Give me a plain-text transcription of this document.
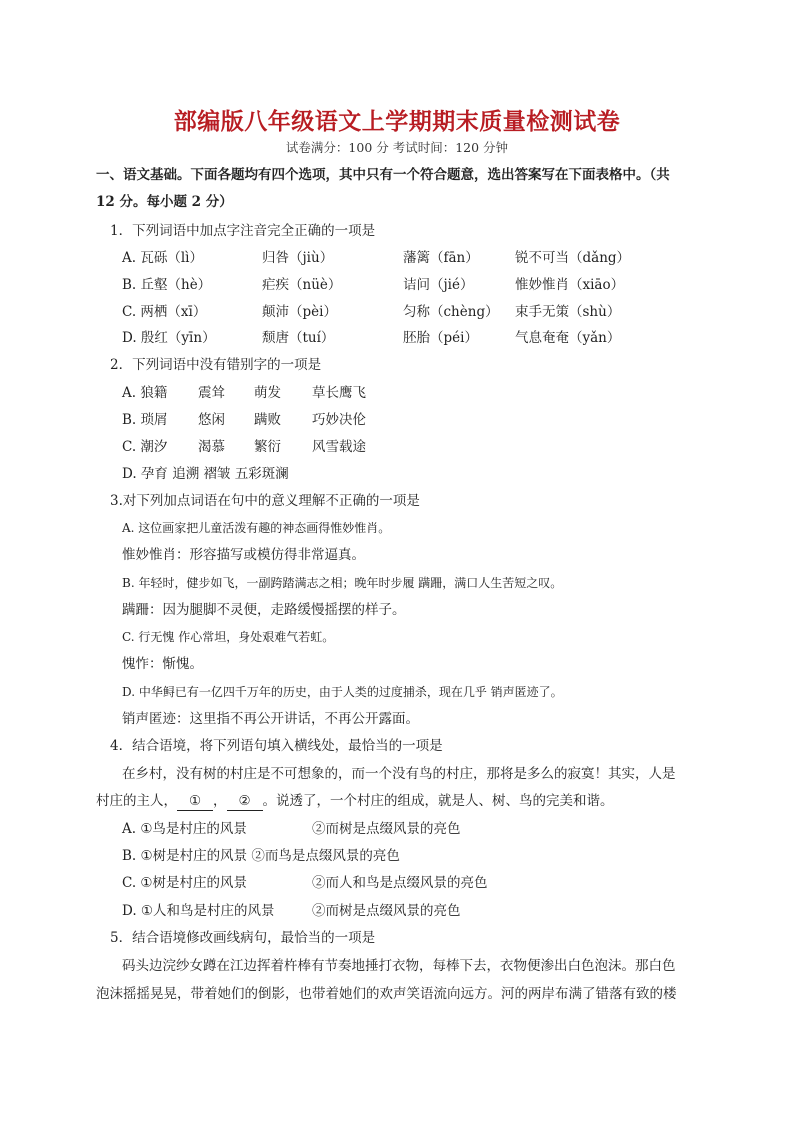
部编版八年级语文上学期期末质量检测试卷
试卷满分：100 分 考试时间：120 分钟
一、语文基础。下面各题均有四个选项，其中只有一个符合题意，选出答案写在下面表格中。（共
12 分。每小题 2 分）
1．下列词语中加点字注音完全正确的一项是
A. 瓦砾（lì）	归咎（jiù）	藩篱（fān）	锐不可当（dǎng）
B. 丘壑（hè）	疟疾（nüè）	诘问（jié）	惟妙惟肖（xiāo）
C. 两栖（xī）	颠沛（pèi）	匀称（chèng） 束手无策（shù）
D. 殷红（yīn）	颓唐（tuí）	胚胎（péi）	气息奄奄（yǎn）
2．下列词语中没有错别字的一项是
A. 狼籍 震耸 萌发 草长鹰飞
B. 琐屑 悠闲 蹒败 巧妙决伦
C. 潮汐 渴慕 繁衍 风雪载途
D. 孕育 追溯 褶皱 五彩斑澜
3.对下列加点词语在句中的意义理解不正确的一项是
A. 这位画家把儿童活泼有趣的神态画得惟妙惟肖。
惟妙惟肖：形容描写或模仿得非常逼真。
B. 年轻时，健步如飞，一副跨踏满志之相；晚年时步履 蹒跚，满口人生苦短之叹。
蹒跚：因为腿脚不灵便，走路缓慢摇摆的样子。
C. 行无愧 作心常坦，身处艰难气若虹。
愧怍：惭愧。
D. 中华鲟已有一亿四千万年的历史，由于人类的过度捕杀，现在几乎 销声匿迹了。
销声匿迹：这里指不再公开讲话，不再公开露面。
4．结合语境，将下列语句填入横线处，最恰当的一项是
在乡村，没有树的村庄是不可想象的，而一个没有鸟的村庄，那将是多么的寂寞！其实，人是
村庄的主人， ① ， ② 。说透了，一个村庄的组成，就是人、树、鸟的完美和谐。
A. ①鸟是村庄的风景	②而树是点缀风景的亮色
B. ①树是村庄的风景 ②而鸟是点缀风景的亮色
C. ①树是村庄的风景	②而人和鸟是点缀风景的亮色
D. ①人和鸟是村庄的风景	②而树是点缀风景的亮色
5．结合语境修改画线病句，最恰当的一项是
码头边浣纱女蹲在江边挥着杵棒有节奏地捶打衣物，每棒下去，衣物便渗出白色泡沫。那白色
泡沫摇摇晃晃，带着她们的倒影，也带着她们的欢声笑语流向远方。河的两岸布满了错落有致的楼
